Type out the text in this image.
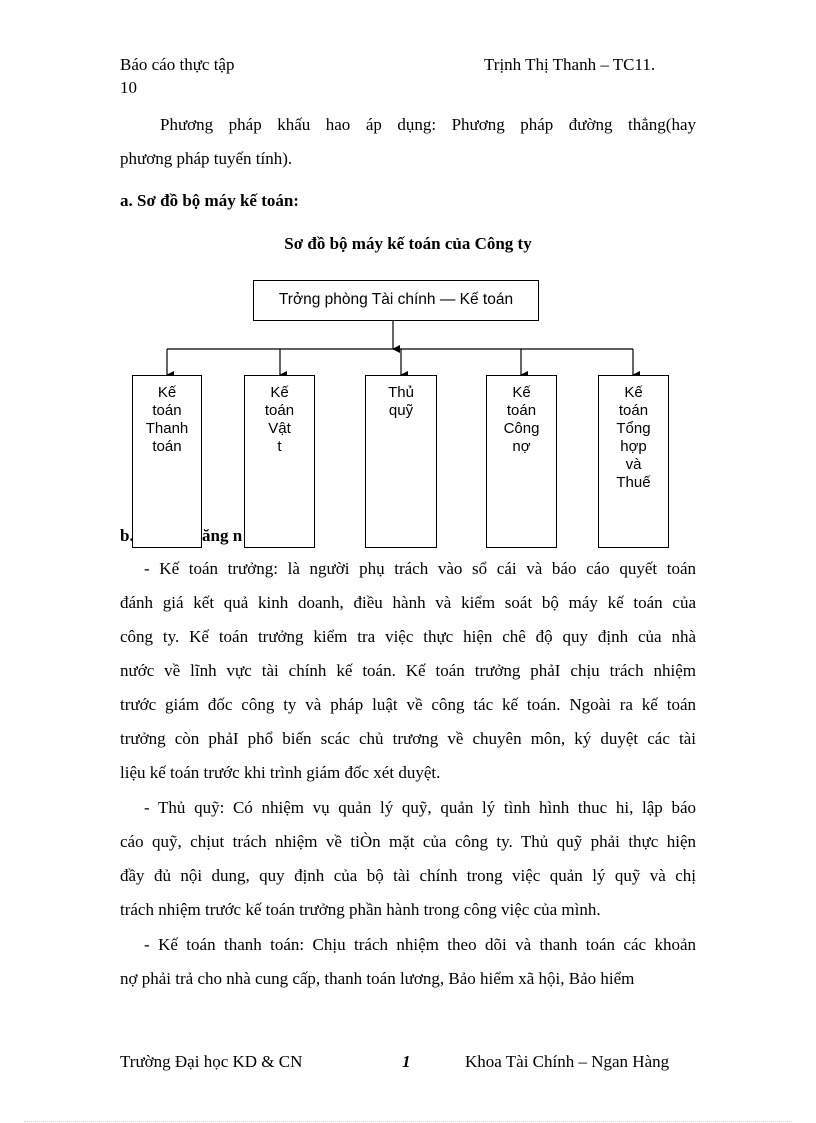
Báo cáo thực tập	Trịnh Thị Thanh – TC11.
10
Phương pháp khấu hao áp dụng: Phương pháp đường thẳng(hay
phương pháp tuyến tính).
a. Sơ đồ bộ máy kế toán:
Sơ đồ bộ máy kế toán của Công ty
Trởng phòng Tài chính — Kế toán
Kế
toán
Thanh
toán
Kế
toán
Vật
t
Thủ
quỹ
Kế
toán
Công
nợ
Kế
toán
Tổng
hợp
và
Thuế
b.	ăng n
- Kế toán trưởng: là người phụ trách vào sổ cái và báo cáo quyết toán
đánh giá kết quả kinh doanh, điều hành và kiểm soát bộ máy kế toán của
công ty. Kế toán trưởng kiểm tra việc thực hiện chê độ quy định của nhà
nước về lĩnh vực tài chính kế toán. Kế toán trưởng phảI chịu trách nhiệm
trước giám đốc công ty và pháp luật về công tác kế toán. Ngoài ra kế toán
trưởng còn phảI phổ biến scác chủ trương về chuyên môn, ký duyệt các tài
liệu kế toán trước khi trình giám đốc xét duyệt.
- Thủ quỹ: Có nhiệm vụ quản lý quỹ, quản lý tình hình thuc hi, lập báo
cáo quỹ, chịut trách nhiệm về tiÒn mặt của công ty. Thủ quỹ phải thực hiện
đầy đủ nội dung, quy định của bộ tài chính trong việc quản lý quỹ và chị
trách nhiệm trước kế toán trưởng phần hành trong công việc của mình.
- Kế toán thanh toán: Chịu trách nhiệm theo dõi và thanh toán các khoản
nợ phải trả cho nhà cung cấp, thanh toán lương, Bảo hiểm xã hội, Bảo hiểm
Trường Đại học KD & CN	1	Khoa Tài Chính – Ngan Hàng
